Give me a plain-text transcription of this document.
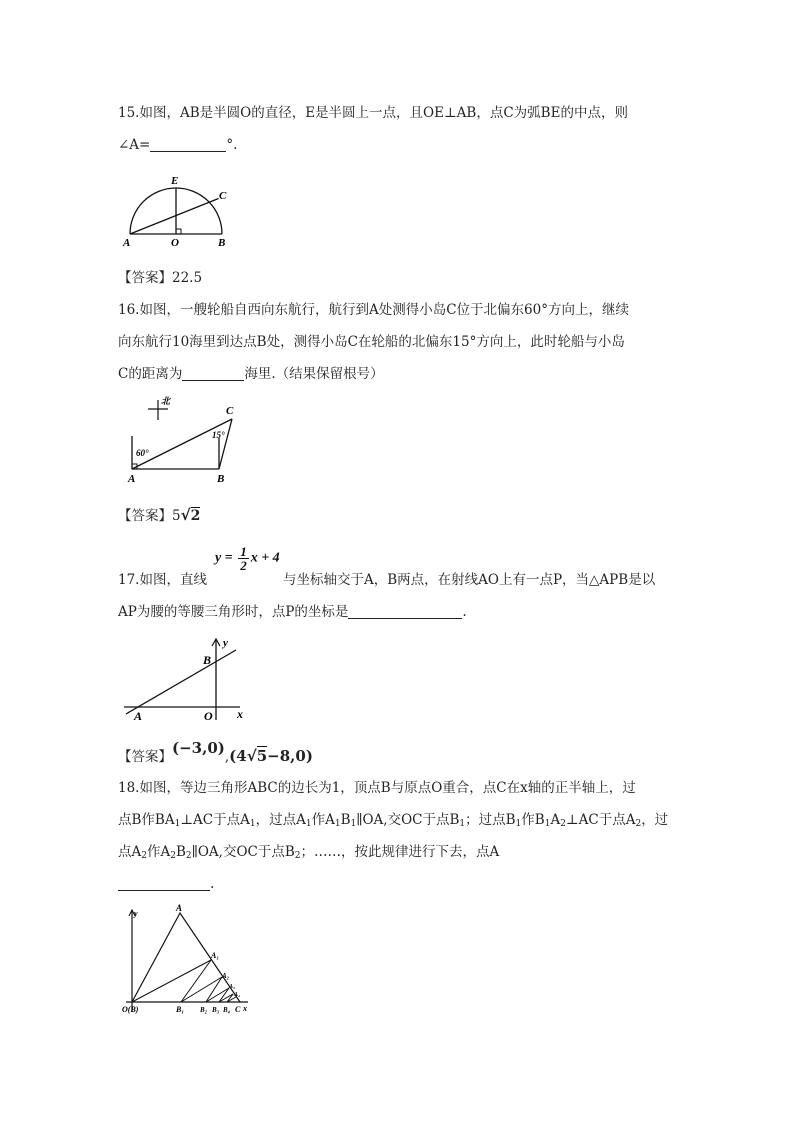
15.如图，AB是半圆O的直径，E是半圆上一点，且OE⊥AB，点C为弧BE的中点，则
∠A=	°.
E
C
A	O	B
【答案】22.5
16.如图，一艘轮船自西向东航行，航行到A处测得小岛C位于北偏东60°方向上，继续
向东航行10海里到达点B处，测得小岛C在轮船的北偏东15°方向上，此时轮船与小岛
C的距离为	海里.（结果保留根号）
北
60°
15°
A	B
C
【答案】5√2
$y = \frac{1}{2}$ x + 4
17.如图，直线	与坐标轴交于A，B两点，在射线AO上有一点P，当△APB是以
AP为腰的等腰三角形时，点P的坐标是	.
y
B
A	O x
【答案】(−3,0),(4√5−8,0)
18.如图，等边三角形ABC的边长为1，顶点B与原点O重合，点C在x轴的正半轴上，过
点B作$BA_1\perp AC$于点$A_1$，过点$A_1$作$A_1B_1\parallel OA$,交OC于点$B_1$；过点$B_1$作$B_1A_2\perp AC$于点$A_2$，过
点$A_2$作$A_2B_2\parallel OA$,交OC于点$B_2$；……，按此规律进行下去，点A
.
y
A
A₁
A₂
A₃
A₄
O(B)	B₁ B₂ B₃ B₄ C x
